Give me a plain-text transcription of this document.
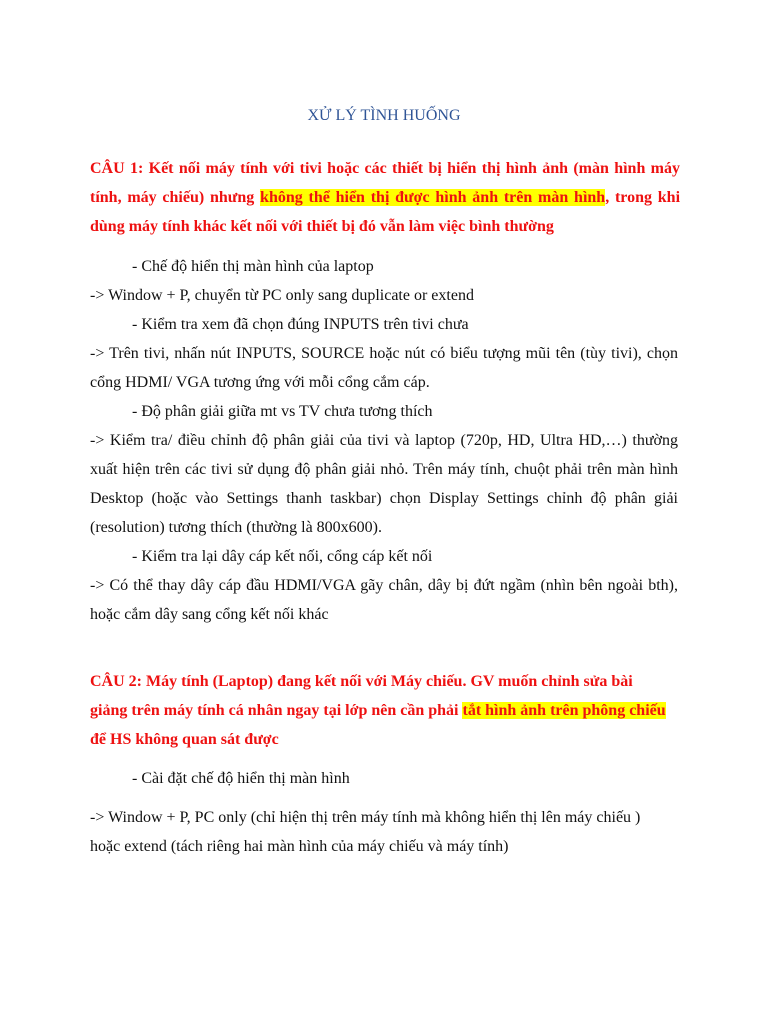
XỬ LÝ TÌNH HUỐNG
CÂU 1: Kết nối máy tính với tivi hoặc các thiết bị hiển thị hình ảnh (màn hình máy tính, máy chiếu) nhưng không thể hiển thị được hình ảnh trên màn hình, trong khi dùng máy tính khác kết nối với thiết bị đó vẫn làm việc bình thường
- Chế độ hiển thị màn hình của laptop
-> Window + P, chuyển từ PC only sang duplicate or extend
- Kiểm tra xem đã chọn đúng INPUTS trên tivi chưa
-> Trên tivi, nhấn nút INPUTS, SOURCE hoặc nút có biểu tượng mũi tên (tùy tivi), chọn
cổng HDMI/ VGA tương ứng với mỗi cổng cắm cáp.
- Độ phân giải giữa mt vs TV chưa tương thích
-> Kiểm tra/ điều chỉnh độ phân giải của tivi và laptop (720p, HD, Ultra HD,…) thường
xuất hiện trên các tivi sử dụng độ phân giải nhỏ. Trên máy tính, chuột phải trên màn hình
Desktop (hoặc vào Settings thanh taskbar) chọn Display Settings chỉnh độ phân giải
(resolution) tương thích (thường là 800x600).
- Kiểm tra lại dây cáp kết nối, cổng cáp kết nối
-> Có thể thay dây cáp đầu HDMI/VGA gãy chân, dây bị đứt ngầm (nhìn bên ngoài bth),
hoặc cắm dây sang cổng kết nối khác
CÂU 2: Máy tính (Laptop) đang kết nối với Máy chiếu. GV muốn chỉnh sửa bài
giảng trên máy tính cá nhân ngay tại lớp nên cần phải tắt hình ảnh trên phông chiếu
để HS không quan sát được
- Cài đặt chế độ hiển thị màn hình
-> Window + P, PC only (chỉ hiện thị trên máy tính mà không hiển thị lên máy chiếu )
hoặc extend (tách riêng hai màn hình của máy chiếu và máy tính)
